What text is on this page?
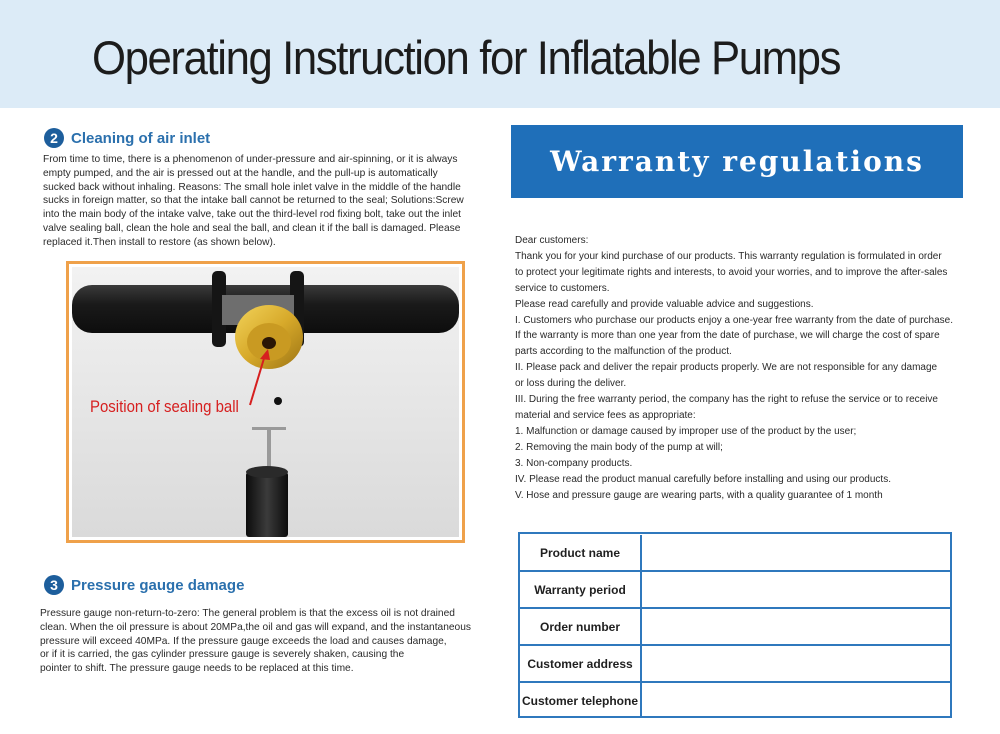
Operating Instruction for Inflatable Pumps
2 Cleaning of air inlet
From time to time, there is a phenomenon of under-pressure and air-spinning, or it is always
empty pumped, and the air is pressed out at the handle, and the pull-up is automatically
sucked back without inhaling. Reasons: The small hole inlet valve in the middle of the handle
sucks in foreign matter, so that the intake ball cannot be returned to the seal; Solutions:Screw
into the main body of the intake valve, take out the third-level rod fixing bolt, take out the inlet
valve sealing ball, clean the hole and seal the ball, and clean it if the ball is damaged. Please
replaced it.Then install to restore (as shown below).
Position of sealing ball
3 Pressure gauge damage
Pressure gauge non-return-to-zero: The general problem is that the excess oil is not drained
clean. When the oil pressure is about 20MPa,the oil and gas will expand, and the instantaneous
pressure will exceed 40MPa. If the pressure gauge exceeds the load and causes damage,
or if it is carried, the gas cylinder pressure gauge is severely shaken, causing the
pointer to shift. The pressure gauge needs to be replaced at this time.
Warranty regulations
Dear customers:
Thank you for your kind purchase of our products. This warranty regulation is formulated in order
to protect your legitimate rights and interests, to avoid your worries, and to improve the after-sales
service to customers.
Please read carefully and provide valuable advice and suggestions.
I. Customers who purchase our products enjoy a one-year free warranty from the date of purchase.
If the warranty is more than one year from the date of purchase, we will charge the cost of spare
parts according to the malfunction of the product.
II. Please pack and deliver the repair products properly. We are not responsible for any damage
or loss during the deliver.
III. During the free warranty period, the company has the right to refuse the service or to receive
material and service fees as appropriate:
1. Malfunction or damage caused by improper use of the product by the user;
2. Removing the main body of the pump at will;
3. Non-company products.
IV. Please read the product manual carefully before installing and using our products.
V. Hose and pressure gauge are wearing parts, with a quality guarantee of 1 month
Product name
Warranty period
Order number
Customer address
Customer telephone
